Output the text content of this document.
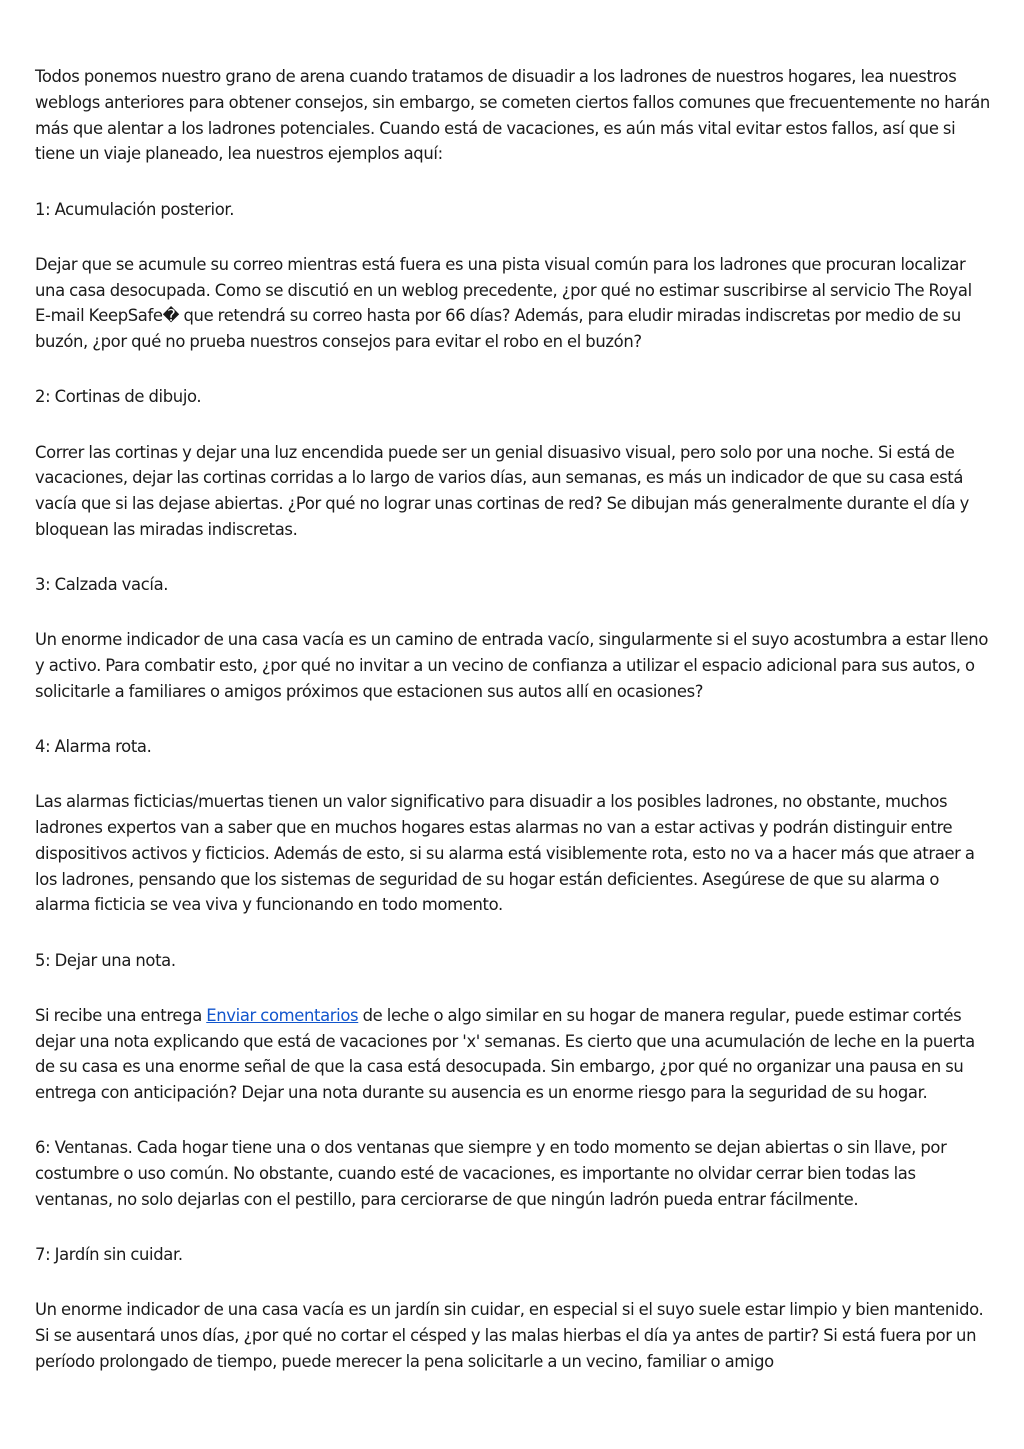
Todos ponemos nuestro grano de arena cuando tratamos de disuadir a los ladrones de nuestros hogares, lea nuestros weblogs anteriores para obtener consejos, sin embargo, se cometen ciertos fallos comunes que frecuentemente no harán más que alentar a los ladrones potenciales. Cuando está de vacaciones, es aún más vital evitar estos fallos, así que si tiene un viaje planeado, lea nuestros ejemplos aquí:

1: Acumulación posterior.

Dejar que se acumule su correo mientras está fuera es una pista visual común para los ladrones que procuran localizar una casa desocupada. Como se discutió en un weblog precedente, ¿por qué no estimar suscribirse al servicio The Royal E-mail KeepSafe� que retendrá su correo hasta por 66 días? Además, para eludir miradas indiscretas por medio de su buzón, ¿por qué no prueba nuestros consejos para evitar el robo en el buzón?

2: Cortinas de dibujo.

Correr las cortinas y dejar una luz encendida puede ser un genial disuasivo visual, pero solo por una noche. Si está de vacaciones, dejar las cortinas corridas a lo largo de varios días, aun semanas, es más un indicador de que su casa está vacía que si las dejase abiertas. ¿Por qué no lograr unas cortinas de red? Se dibujan más generalmente durante el día y bloquean las miradas indiscretas.

3: Calzada vacía.

Un enorme indicador de una casa vacía es un camino de entrada vacío, singularmente si el suyo acostumbra a estar lleno y activo. Para combatir esto, ¿por qué no invitar a un vecino de confianza a utilizar el espacio adicional para sus autos, o solicitarle a familiares o amigos próximos que estacionen sus autos allí en ocasiones?

4: Alarma rota.

Las alarmas ficticias/muertas tienen un valor significativo para disuadir a los posibles ladrones, no obstante, muchos ladrones expertos van a saber que en muchos hogares estas alarmas no van a estar activas y podrán distinguir entre dispositivos activos y ficticios. Además de esto, si su alarma está visiblemente rota, esto no va a hacer más que atraer a los ladrones, pensando que los sistemas de seguridad de su hogar están deficientes. Asegúrese de que su alarma o alarma ficticia se vea viva y funcionando en todo momento.

5: Dejar una nota.

Si recibe una entrega Enviar comentarios de leche o algo similar en su hogar de manera regular, puede estimar cortés dejar una nota explicando que está de vacaciones por 'x' semanas. Es cierto que una acumulación de leche en la puerta de su casa es una enorme señal de que la casa está desocupada. Sin embargo, ¿por qué no organizar una pausa en su entrega con anticipación? Dejar una nota durante su ausencia es un enorme riesgo para la seguridad de su hogar.

6: Ventanas. Cada hogar tiene una o dos ventanas que siempre y en todo momento se dejan abiertas o sin llave, por costumbre o uso común. No obstante, cuando esté de vacaciones, es importante no olvidar cerrar bien todas las ventanas, no solo dejarlas con el pestillo, para cerciorarse de que ningún ladrón pueda entrar fácilmente.

7: Jardín sin cuidar.

Un enorme indicador de una casa vacía es un jardín sin cuidar, en especial si el suyo suele estar limpio y bien mantenido. Si se ausentará unos días, ¿por qué no cortar el césped y las malas hierbas el día ya antes de partir? Si está fuera por un período prolongado de tiempo, puede merecer la pena solicitarle a un vecino, familiar o amigo
